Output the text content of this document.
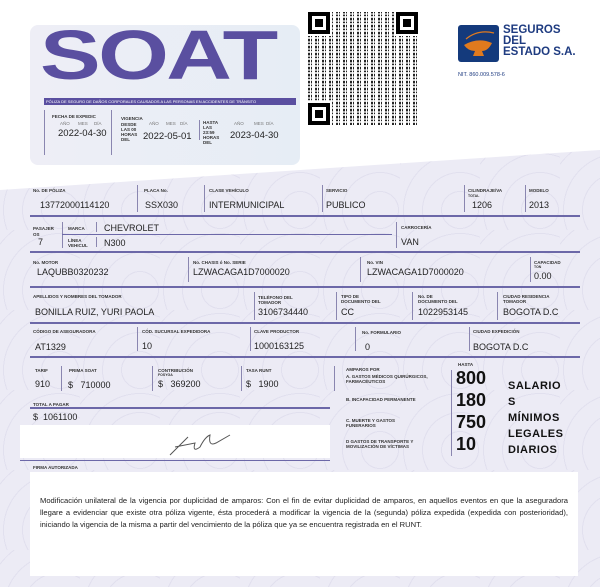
SOAT
PÓLIZA DE SEGURO DE DAÑOS CORPORALES CAUSADOS A LAS PERSONAS EN ACCIDENTES DE TRÁNSITO
FECHA DE EXPEDIC
AÑO MES DÍA
2022-04-30
VIGENCIA
DESDE LAS 00 HORAS DEL
AÑO MES DÍA
2022-05-01
HASTA LAS 23:59 HORAS DEL
AÑO MES DÍA
2023-04-30
SEGUROS
DEL
ESTADO S.A.
NIT. 860.009.578-6
No. DE PÓLIZA
13772000114120
PLACA No.
SSX030
CLASE VEHÍCULO
INTERMUNICIPAL
SERVICIO
PUBLICO
CILINDRAJE/VA
TOTAL
1206
MODELO
2013
PASAJER
OS
7
MARCA CHEVROLET
LÍNEA VEHICUL N300
CARROCERÍA
VAN
No. MOTOR
LAQUBB0320232
No. CHASIS ó No. SERIE
LZWACAGA1D7000020
No. VIN
LZWACAGA1D7000020
CAPACIDAD
TON
0.00
APELLIDOS Y NOMBRES DEL TOMADOR
BONILLA RUIZ, YURI PAOLA
TELÉFONO DEL TOMADOR
3106734440
TIPO DE DOCUMENTO DEL
CC
No. DE DOCUMENTO DEL
1022953145
CIUDAD RESIDENCIA TOMADOR
BOGOTA D.C
CÓDIGO DE ASEGURADORA
AT1329
CÓD. SUCURSAL EXPEDIDORA
10
CLAVE PRODUCTOR
1000163125
No. FORMULARIO
0
CIUDAD EXPEDICIÓN
BOGOTA D.C
TARIF
910
PRIMA SOAT
$ 710000
CONTRIBUCIÓN
FOSYGA
$ 369200
TASA RUNT
$ 1900
TOTAL A PAGAR
$ 1061100
FIRMA AUTORIZADA
AMPAROS POR
HASTA
A. GASTOS MÉDICOS QUIRÚRGICOS, FARMACÉUTICOS
B. INCAPACIDAD PERMANENTE
C. MUERTE Y GASTOS FUNERARIOS
D GASTOS DE TRANSPORTE Y MOVILIZACIÓN DE VÍCTIMAS
800
180
750
10
SALARIO
S
MÍNIMOS
LEGALES
DIARIOS
Modificación unilateral de la vigencia por duplicidad de amparos: Con el fin de evitar duplicidad de amparos, en aquellos eventos en que la aseguradora llegare a evidenciar que existe otra póliza vigente, ésta procederá a modificar la vigencia de la (segunda) póliza expedida (expedida con posterioridad), iniciando la vigencia de la misma a partir del vencimiento de la póliza que ya se encuentra registrada en el RUNT.
